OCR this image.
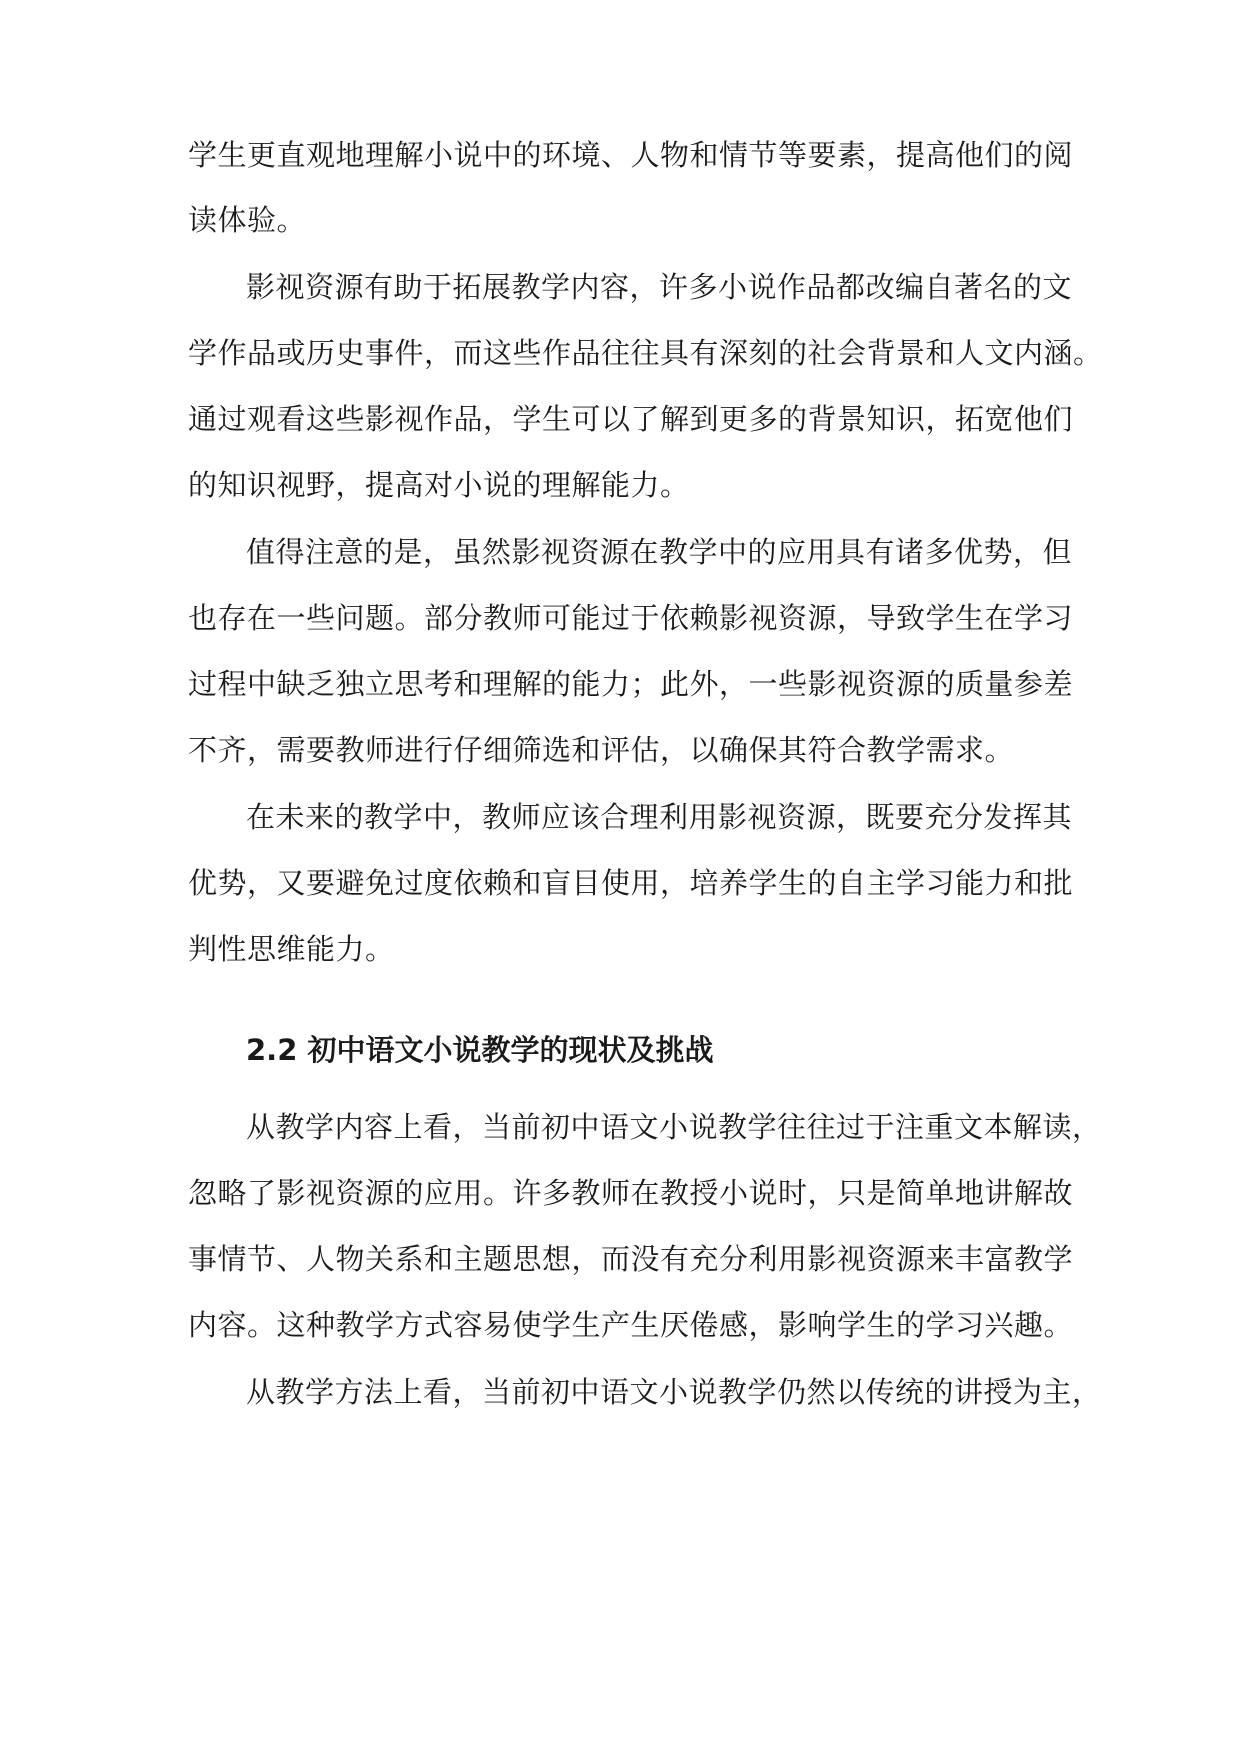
学生更直观地理解小说中的环境、人物和情节等要素，提高他们的阅
读体验。
影视资源有助于拓展教学内容，许多小说作品都改编自著名的文
学作品或历史事件，而这些作品往往具有深刻的社会背景和人文内涵。
通过观看这些影视作品，学生可以了解到更多的背景知识，拓宽他们
的知识视野，提高对小说的理解能力。
值得注意的是，虽然影视资源在教学中的应用具有诸多优势，但
也存在一些问题。部分教师可能过于依赖影视资源，导致学生在学习
过程中缺乏独立思考和理解的能力；此外，一些影视资源的质量参差
不齐，需要教师进行仔细筛选和评估，以确保其符合教学需求。
在未来的教学中，教师应该合理利用影视资源，既要充分发挥其
优势，又要避免过度依赖和盲目使用，培养学生的自主学习能力和批
判性思维能力。
2.2 初中语文小说教学的现状及挑战
从教学内容上看，当前初中语文小说教学往往过于注重文本解读，
忽略了影视资源的应用。许多教师在教授小说时，只是简单地讲解故
事情节、人物关系和主题思想，而没有充分利用影视资源来丰富教学
内容。这种教学方式容易使学生产生厌倦感，影响学生的学习兴趣。
从教学方法上看，当前初中语文小说教学仍然以传统的讲授为主，
